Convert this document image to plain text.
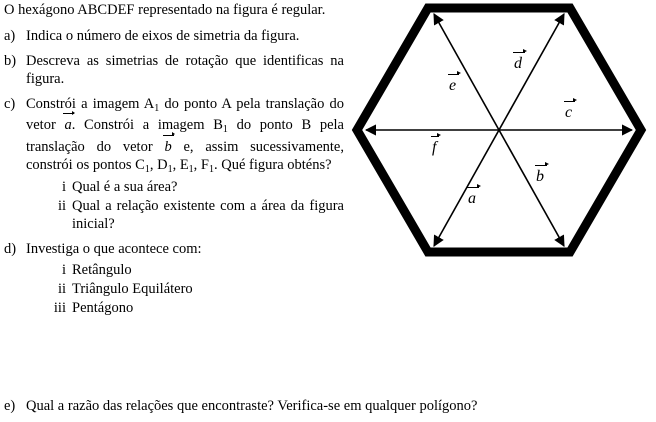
O hexágono ABCDEF representado na figura é regular.
a) Indica o número de eixos de simetria da figura.
b) Descreva as simetrias de rotação que identificas na figura.
c) Constrói a imagem $A_1$ do ponto A pela translação do vetor a. Constrói a imagem $B_1$ do ponto B pela translação do vetor b e, assim sucessivamente, constrói os pontos $C_1$, $D_1$, $E_1$, $F_1$. Qué figura obténs?
i Qual é a sua área?
ii Qual a relação existente com a área da figura inicial?
d) Investiga o que acontece com:
i Retângulo
ii Triângulo Equilátero
iii Pentágono
e) Qual a razão das relações que encontraste? Verifica-se em qualquer polígono?
e
d
c
f
b
a
